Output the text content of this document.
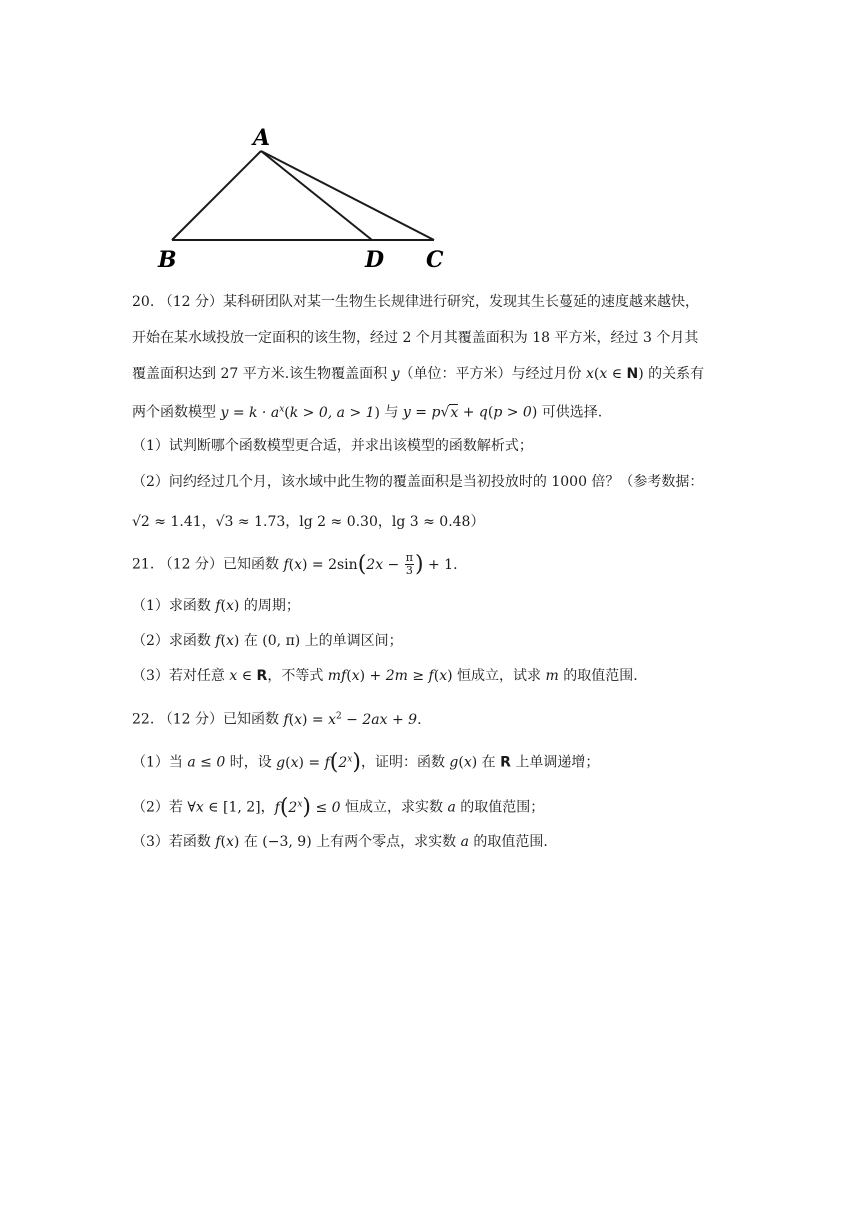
A
B	D C
20. （12 分）某科研团队对某一生物生长规律进行研究，发现其生长蔓延的速度越来越快，
开始在某水域投放一定面积的该生物，经过 2 个月其覆盖面积为 18 平方米，经过 3 个月其
覆盖面积达到 27 平方米.该生物覆盖面积 y（单位：平方米）与经过月份 x(x ∈ N) 的关系有
两个函数模型 $y = k \cdot a^x(k > 0$, a > 1) 与 y = p√x + q(p > 0) 可供选择.
（1）试判断哪个函数模型更合适，并求出该模型的函数解析式；
（2）问约经过几个月，该水域中此生物的覆盖面积是当初投放时的 1000 倍？（参考数据：
√2 ≈ 1.41，√3 ≈ 1.73，lg 2 ≈ 0.30，lg 3 ≈ 0.48）
21. （12 分）已知函数 $f(x) = 2\sin(2x - \frac{\pi}{3}$ ) + 1.
（1）求函数 f(x) 的周期；
（2）求函数 f(x) 在 (0, π) 上的单调区间；
（3）若对任意 x ∈ R，不等式 mf(x) + 2m ≥ f(x) 恒成立，试求 m 的取值范围.
22. （12 分）已知函数 $f(x) = x^2 - 2ax + 9$.
（1）当 a ≤ 0 时，设 $g(x) = f(2^x)$，证明：函数 g(x) 在 R 上单调递增；
（2）若 ∀x ∈ [1, 2]，$f(2^x) \le 0$ 恒成立，求实数 a 的取值范围；
（3）若函数 f(x) 在 (−3, 9) 上有两个零点，求实数 a 的取值范围.
